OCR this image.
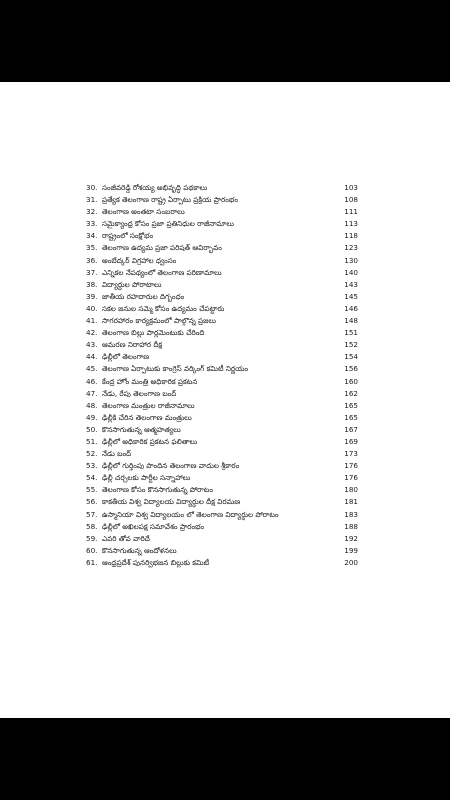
30. సంజీవరెడ్డి రోశయ్య అభివృద్ధి పథకాలు	103
31. ప్రత్యేక తెలంగాణ రాష్ట్ర ఏర్పాటు ప్రక్రియ ప్రారంభం	108
32. తెలంగాణ అంతటా సంబరాలు	111
33. సమైక్యాంధ్ర కోసం ప్రజా ప్రతినిధుల రాజీనామాలు	113
34. రాష్ట్రంలో సంక్షోభం	118
35. తెలంగాణ ఉద్యమ ప్రజా పరిషత్ ఆవిర్భావం	123
36. అంబేద్కర్ విగ్రహాల ధ్వంసం	130
37. ఎన్నికల నేపథ్యంలో తెలంగాణ పరిణామాలు	140
38. విద్యార్థుల పోరాటాలు	143
39. జాతీయ రహదారుల దిగ్బంధం	145
40. సకల జనుల సమ్మె కోసం ఉద్యమం చేపట్టారు	146
41. సాగరహారం కార్యక్రమంలో పాల్గొన్న ప్రజలు	148
42. తెలంగాణ బిల్లు పార్లమెంటుకు చేరింది	151
43. ఆమరణ నిరాహార దీక్ష	152
44. ఢిల్లీలో తెలంగాణ	154
45. తెలంగాణ ఏర్పాటుకు కాంగ్రెస్ వర్కింగ్ కమిటీ నిర్ణయం	156
46. కేంద్ర హోం మంత్రి అధికారిక ప్రకటన	160
47. నేడు, రేపు తెలంగాణ బంద్	162
48. తెలంగాణ మంత్రుల రాజీనామాలు	165
49. ఢిల్లీకి చేరిన తెలంగాణ మంత్రులు	165
50. కొనసాగుతున్న ఆత్మహత్యలు	167
51. ఢిల్లీలో అధికారిక ప్రకటన ఫలితాలు	169
52. నేడు బంద్	173
53. ఢిల్లీలో గుర్తింపు పొందిన తెలంగాణ వాదుల శ్రీకారం	176
54. ఢిల్లీ చర్చలకు పార్టీల సన్నాహాలు	176
55. తెలంగాణ కోసం కొనసాగుతున్న పోరాటం	180
56. కాకతీయ విశ్వ విద్యాలయ విద్యార్థుల దీక్ష విరమణ	181
57. ఉస్మానియా విశ్వ విద్యాలయం లో తెలంగాణ విద్యార్థుల పోరాటం	183
58. ఢిల్లీలో అఖిలపక్ష సమావేశం ప్రారంభం	188
59. ఎవరి తోవ వారిదే	192
60. కొనసాగుతున్న ఆందోళనలు	199
61. ఆంధ్రప్రదేశ్ పునర్విభజన బిల్లుకు కమిటీ	200
